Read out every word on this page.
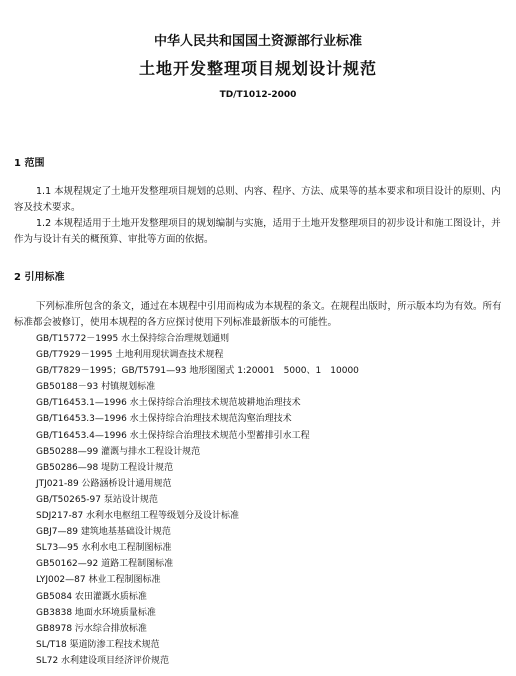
中华人民共和国国土资源部行业标准
土地开发整理项目规划设计规范
TD/T1012-2000
1 范围
1.1 本规程规定了土地开发整理项目规划的总则、内容、程序、方法、成果等的基本要求和项目设计的原则、内容及技术要求。
1.2 本规程适用于土地开发整理项目的规划编制与实施，适用于土地开发整理项目的初步设计和施工图设计，并作为与设计有关的概预算、审批等方面的依据。
2 引用标准
下列标准所包含的条文，通过在本规程中引用而构成为本规程的条文。在规程出版时，所示版本均为有效。所有标准都会被修订，使用本规程的各方应探讨使用下列标准最新版本的可能性。
GB/T15772－1995 水土保持综合治理规划通则
GB/T7929－1995 土地利用现状调查技术规程
GB/T7829－1995；GB/T5791—93 地形图图式 1:20001　5000、1　10000
GB50188－93 村镇规划标准
GB/T16453.1—1996 水土保持综合治理技术规范坡耕地治理技术
GB/T16453.3—1996 水土保持综合治理技术规范沟壑治理技术
GB/T16453.4—1996 水土保持综合治理技术规范小型蓄排引水工程
GB50288—99 灌溉与排水工程设计规范
GB50286—98 堤防工程设计规范
JTJ021-89 公路涵桥设计通用规范
GB/T50265-97 泵站设计规范
SDJ217-87 水利水电枢纽工程等级划分及设计标准
GBJ7—89 建筑地基基础设计规范
SL73—95 水利水电工程制图标准
GB50162—92 道路工程制图标准
LYJ002—87 林业工程制图标准
GB5084 农田灌溉水质标准
GB3838 地面水环境质量标准
GB8978 污水综合排放标准
SL/T18 渠道防渗工程技术规范
SL72 水利建设项目经济评价规范
